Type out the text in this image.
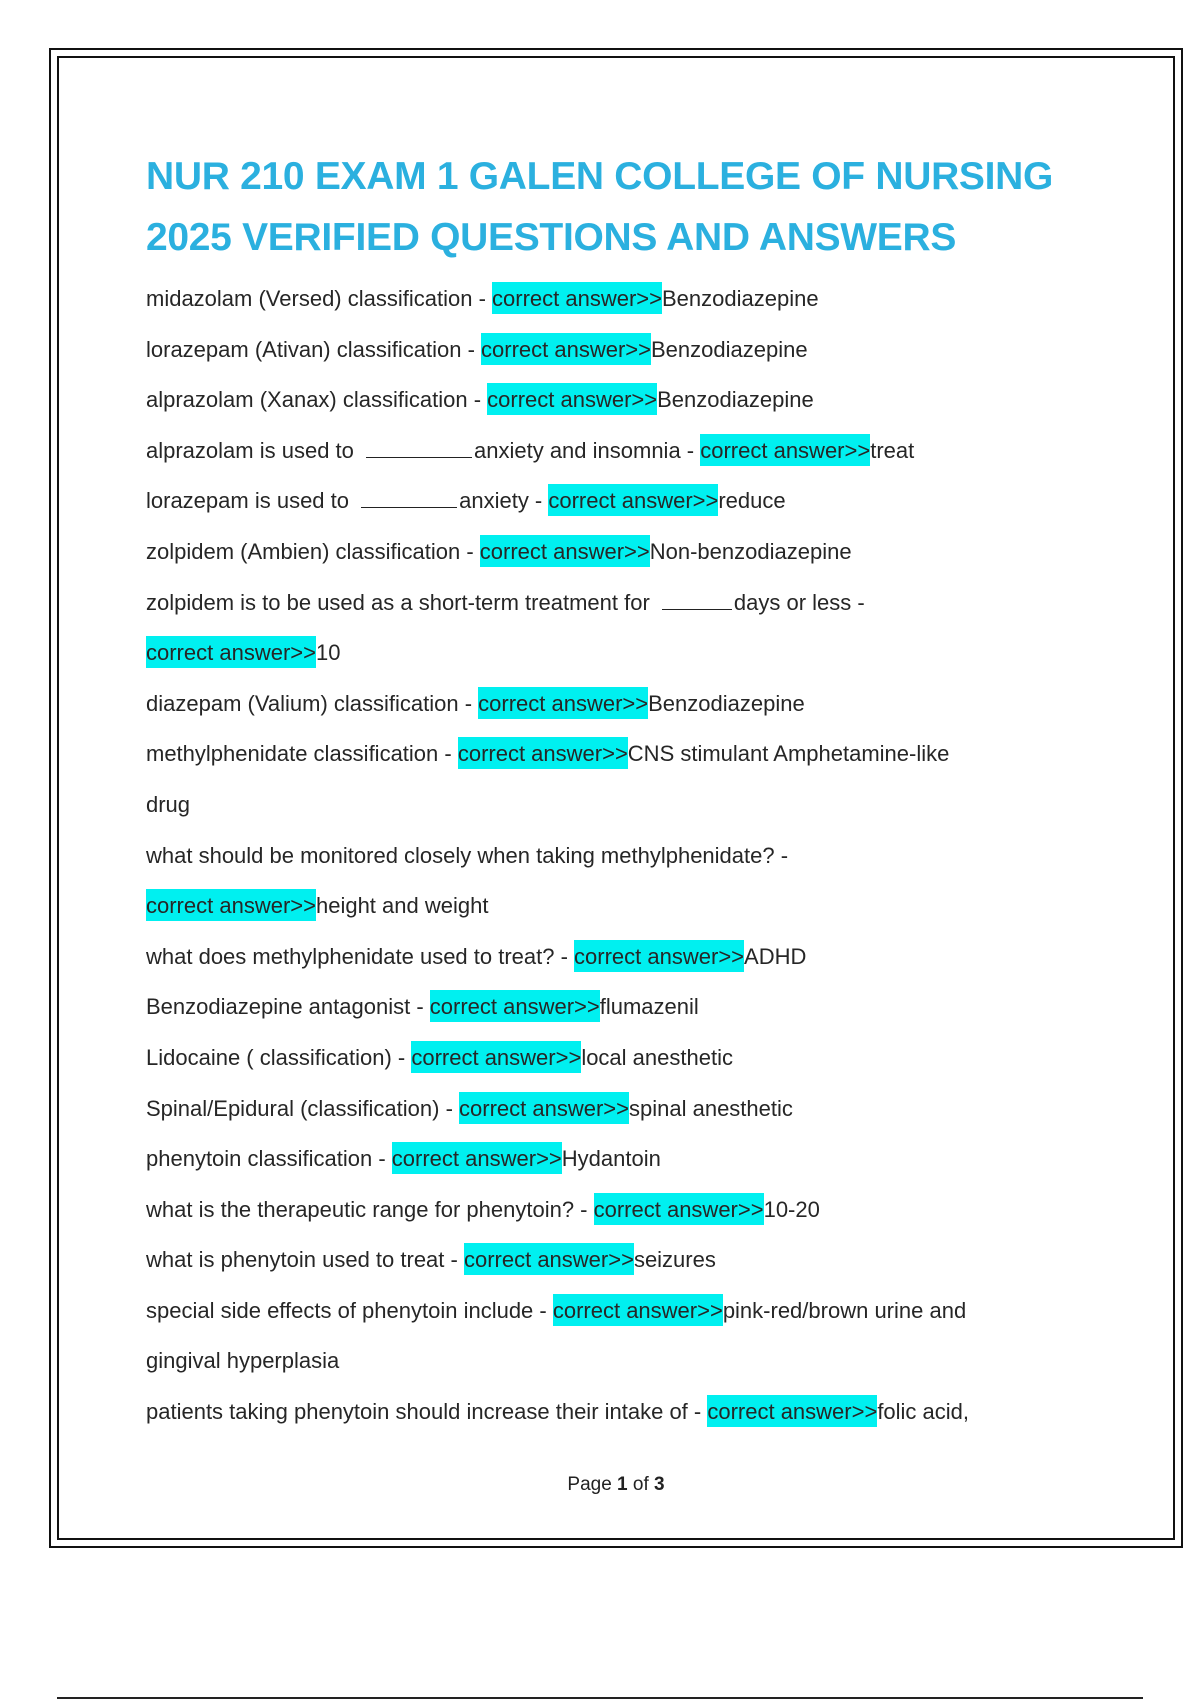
NUR 210 EXAM 1 GALEN COLLEGE OF NURSING 2025 VERIFIED QUESTIONS AND ANSWERS
midazolam (Versed) classification - correct answer>>Benzodiazepine
lorazepam (Ativan) classification - correct answer>>Benzodiazepine
alprazolam (Xanax) classification - correct answer>>Benzodiazepine
alprazolam is used to	anxiety and insomnia - correct answer>>treat
lorazepam is used to	anxiety - correct answer>>reduce
zolpidem (Ambien) classification - correct answer>>Non-benzodiazepine
zolpidem is to be used as a short-term treatment for	days or less -
correct answer>>10
diazepam (Valium) classification - correct answer>>Benzodiazepine
methylphenidate classification - correct answer>>CNS stimulant Amphetamine-like
drug
what should be monitored closely when taking methylphenidate? -
correct answer>>height and weight
what does methylphenidate used to treat? - correct answer>>ADHD
Benzodiazepine antagonist - correct answer>>flumazenil
Lidocaine ( classification) - correct answer>>local anesthetic
Spinal/Epidural (classification) - correct answer>>spinal anesthetic
phenytoin classification - correct answer>>Hydantoin
what is the therapeutic range for phenytoin? - correct answer>>10-20
what is phenytoin used to treat - correct answer>>seizures
special side effects of phenytoin include - correct answer>>pink-red/brown urine and
gingival hyperplasia
patients taking phenytoin should increase their intake of - correct answer>>folic acid,
Page 1 of 3
